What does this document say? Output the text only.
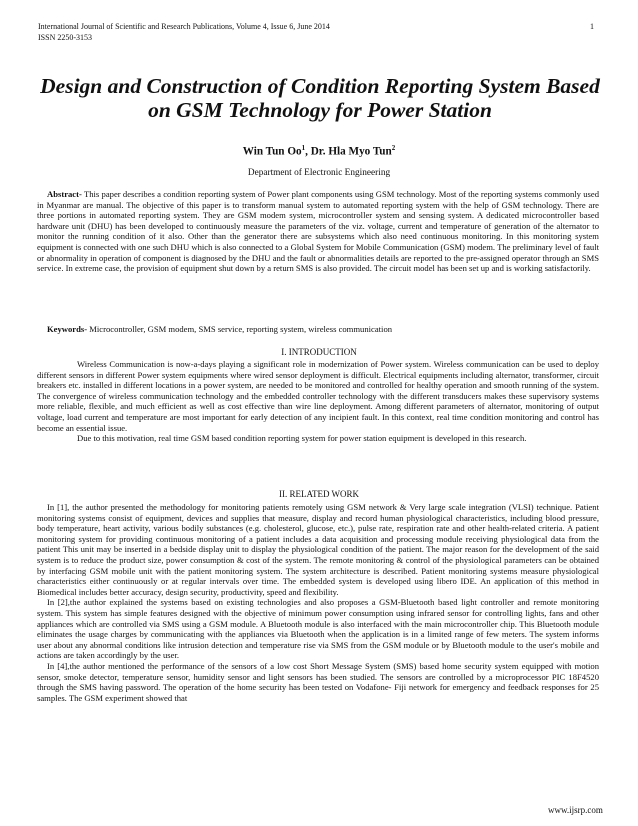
International Journal of Scientific and Research Publications, Volume 4, Issue 6, June 2014
ISSN 2250-3153
1
Design and Construction of Condition Reporting System Based on GSM Technology for Power Station
Win Tun Oo$^1$, Dr. Hla Myo Tun$^2$
Department of Electronic Engineering

Abstract- This paper describes a condition reporting system of Power plant components using GSM technology. Most of the reporting systems commonly used in Myanmar are manual. The objective of this paper is to transform manual system to automated reporting system with the help of GSM technology. There are three portions in automated reporting system. They are GSM modem system, microcontroller system and sensing system. A dedicated microcontroller based hardware unit (DHU) has been developed to continuously measure the parameters of the viz. voltage, current and temperature of generation of the alternator to monitor the running condition of it also. Other than the generator there are subsystems which also need continuous monitoring. In this monitoring system equipment is connected with one such DHU which is also connected to a Global System for Mobile Communication (GSM) modem. The preliminary level of fault or abnormality in operation of component is diagnosed by the DHU and the fault or abnormalities details are reported to the pre-assigned operator through an SMS service. In extreme case, the provision of equipment shut down by a return SMS is also provided. The circuit model has been set up and is working satisfactorily.

Keywords- Microcontroller, GSM modem, SMS service, reporting system, wireless communication

I. INTRODUCTION

Wireless Communication is now-a-days playing a significant role in modernization of Power system. Wireless communication can be used to deploy different sensors in different Power system equipments where wired sensor deployment is difficult. Electrical equipments including alternator, transformer, circuit breakers etc. installed in different locations in a power system, are needed to be monitored and controlled for healthy operation and smooth running of the system. The convergence of wireless communication technology and the embedded controller technology with the different transducers makes these supervisory systems more reliable, flexible, and much efficient as well as cost effective than wire line deployment. Among different parameters of alternator, monitoring of output voltage, load current and temperature are most important for early detection of any incipient fault. In this context, real time condition monitoring and control has become an essential issue.

Due to this motivation, real time GSM based condition reporting system for power station equipment is developed in this research.

II. RELATED WORK

In [1], the author presented the methodology for monitoring patients remotely using GSM network & Very large scale integration (VLSI) technique. Patient monitoring systems consist of equipment, devices and supplies that measure, display and record human physiological characteristics, including blood pressure, body temperature, heart activity, various bodily substances (e.g. cholesterol, glucose, etc.), pulse rate, respiration rate and other health-related criteria. A patient monitoring system for providing continuous monitoring of a patient includes a data acquisition and processing module receiving physiological data from the patient This unit may be inserted in a bedside display unit to display the physiological condition of the patient. The major reason for the development of the said system is to reduce the product size, power consumption & cost of the system. The remote monitoring & control of the physiological parameters can be obtained by interfacing GSM mobile unit with the patient monitoring system. The system architecture is described. Patient monitoring systems measure physiological characteristics either continuously or at regular intervals over time. The embedded system is developed using libero IDE. An application of this method in Biomedical includes better accuracy, design security, productivity, speed and flexibility.

In [2],the author explained the systems based on existing technologies and also proposes a GSM-Bluetooth based light controller and remote monitoring system. This system has simple features designed with the objective of minimum power consumption using infrared sensor for controlling lights, fans and other appliances which are controlled via SMS using a GSM module. A Bluetooth module is also interfaced with the main microcontroller chip. This Bluetooth module eliminates the usage charges by communicating with the appliances via Bluetooth when the application is in a limited range of few meters. The system informs user about any abnormal conditions like intrusion detection and temperature rise via SMS from the GSM module or by Bluetooth module to the user's mobile and actions are taken accordingly by the user.

In [4],the author mentioned the performance of the sensors of a low cost Short Message System (SMS) based home security system equipped with motion sensor, smoke detector, temperature sensor, humidity sensor and light sensors has been studied. The sensors are controlled by a microprocessor PIC 18F4520 through the SMS having password. The operation of the home security has been tested on Vodafone- Fiji network for emergency and feedback responses for 25 samples. The GSM experiment showed that

www.ijsrp.com
